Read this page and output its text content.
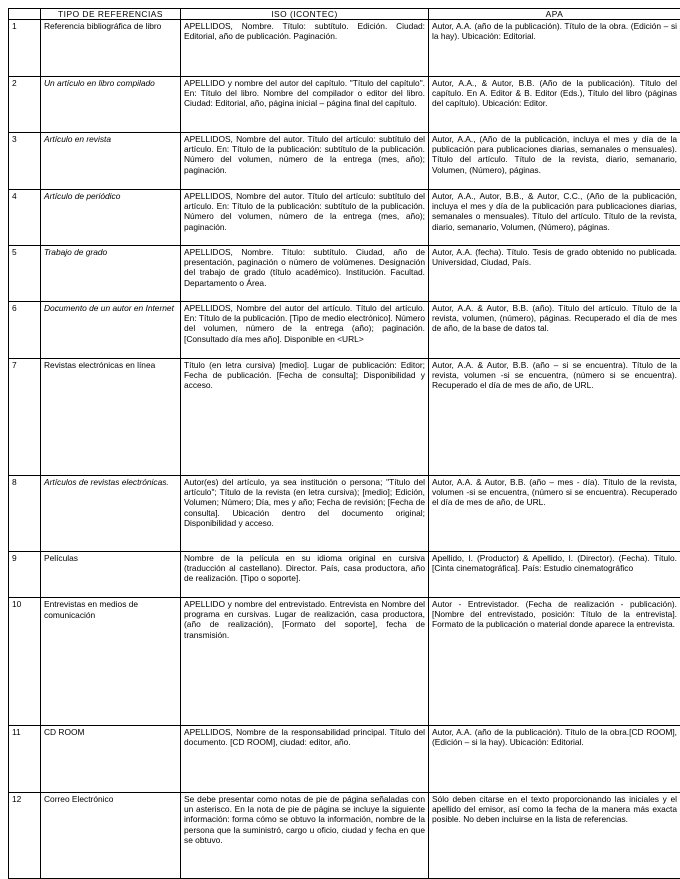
	TIPO DE REFERENCIAS	ISO (ICONTEC)	APA
1	Referencia bibliográfica de libro	APELLIDOS, Nombre. Título: subtítulo. Edición. Ciudad: Editorial, año de publicación. Paginación.	Autor, A.A. (año de la publicación). Título de la obra. (Edición – si la hay). Ubicación: Editorial.
2	Un artículo en libro compilado	APELLIDO y nombre del autor del capítulo. "Título del capítulo". En: Título del libro. Nombre del compilador o editor del libro. Ciudad: Editorial, año, página inicial – página final del capítulo.	Autor, A.A., & Autor, B.B. (Año de la publicación). Título del capítulo. En A. Editor & B. Editor (Eds.), Título del libro (páginas del capítulo). Ubicación: Editor.
3	Artículo en revista	APELLIDOS, Nombre del autor. Título del artículo: subtítulo del artículo. En: Título de la publicación: subtítulo de la publicación. Número del volumen, número de la entrega (mes, año); paginación.	Autor, A.A., (Año de la publicación, incluya el mes y día de la publicación para publicaciones diarias, semanales o mensuales). Título del artículo. Título de la revista, diario, semanario, Volumen, (Número), páginas.
4	Artículo de periódico	APELLIDOS, Nombre del autor. Título del artículo: subtítulo del artículo. En: Título de la publicación: subtítulo de la publicación. Número del volumen, número de la entrega (mes, año); paginación.	Autor, A.A., Autor, B.B., & Autor, C.C., (Año de la publicación, incluya el mes y día de la publicación para publicaciones diarias, semanales o mensuales). Título del artículo. Título de la revista, diario, semanario, Volumen, (Número), páginas.
5	Trabajo de grado	APELLIDOS, Nombre. Título: subtítulo. Ciudad, año de presentación, paginación o número de volúmenes. Designación del trabajo de grado (título académico). Institución. Facultad. Departamento o Área.	Autor, A.A. (fecha). Título. Tesis de grado obtenido no publicada. Universidad, Ciudad, País.
6	Documento de un autor en Internet	APELLIDOS, Nombre del autor del artículo. Título del artículo. En: Título de la publicación. [Tipo de medio electrónico]. Número del volumen, número de la entrega (año); paginación. [Consultado día mes año]. Disponible en <URL>	Autor, A.A. & Autor, B.B. (año). Título del artículo. Título de la revista, volumen, (número), páginas. Recuperado el día de mes de año, de la base de datos tal.
7	Revistas electrónicas en línea	Título (en letra cursiva) [medio]. Lugar de publicación: Editor; Fecha de publicación. [Fecha de consulta]; Disponibilidad y acceso.	Autor, A.A. & Autor, B.B. (año – si se encuentra). Título de la revista, volumen -si se encuentra, (número si se encuentra). Recuperado el día de mes de año, de URL.
8	Artículos de revistas electrónicas.	Autor(es) del artículo, ya sea institución o persona; "Título del artículo"; Título de la revista (en letra cursiva); [medio]; Edición, Volumen; Número; Día, mes y año; Fecha de revisión; [Fecha de consulta]. Ubicación dentro del documento original; Disponibilidad y acceso.	Autor, A.A. & Autor, B.B. (año – mes - día). Título de la revista, volumen -si se encuentra, (número si se encuentra). Recuperado el día de mes de año, de URL.
9	Películas	Nombre de la película en su idioma original en cursiva (traducción al castellano). Director. País, casa productora, año de realización. [Tipo o soporte].	Apellido, I. (Productor) & Apellido, I. (Director). (Fecha). Título. [Cinta cinematográfica]. País: Estudio cinematográfico
10	Entrevistas en medios de comunicación	APELLIDO y nombre del entrevistado. Entrevista en Nombre del programa en cursivas. Lugar de realización, casa productora, (año de realización), [Formato del soporte], fecha de transmisión.	Autor - Entrevistador. (Fecha de realización - publicación). [Nombre del entrevistado, posición: Título de la entrevista]. Formato de la publicación o material donde aparece la entrevista.
11	CD ROOM	APELLIDOS, Nombre de la responsabilidad principal. Título del documento. [CD ROOM], ciudad: editor, año.	Autor, A.A. (año de la publicación). Título de la obra.[CD ROOM], (Edición – si la hay). Ubicación: Editorial.
12	Correo Electrónico	Se debe presentar como notas de pie de página señaladas con un asterisco. En la nota de pie de página se incluye la siguiente información: forma cómo se obtuvo la información, nombre de la persona que la suministró, cargo u oficio, ciudad y fecha en que se obtuvo.	Sólo deben citarse en el texto proporcionando las iniciales y el apellido del emisor, así como la fecha de la manera más exacta posible. No deben incluirse en la lista de referencias.
